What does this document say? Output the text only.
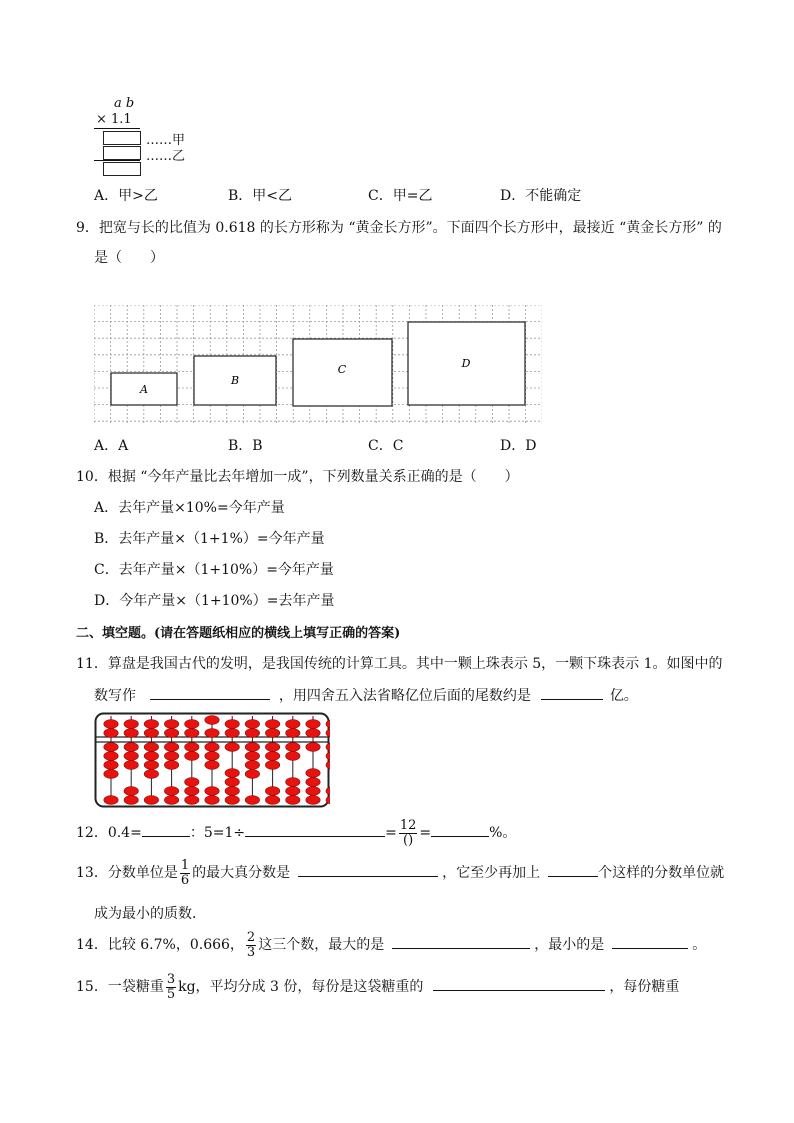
a b
× 1.1
……甲
……乙
A．甲>乙	B．甲<乙	C．甲=乙	D．不能确定
9．把宽与长的比值为 0.618 的长方形称为 “黄金长方形”。下面四个长方形中，最接近 “黄金长方形” 的
是（　　）
A
B
C	D
A．A	B．B	C．C	D．D
10．根据 “今年产量比去年增加一成”，下列数量关系正确的是（　　）
A．去年产量×10%=今年产量
B．去年产量×（1+1%）=今年产量
C．去年产量×（1+10%）=今年产量
D．今年产量×（1+10%）=去年产量
二、填空题。(请在答题纸相应的横线上填写正确的答案)
11．算盘是我国古代的发明，是我国传统的计算工具。其中一颗上珠表示 5，一颗下珠表示 1。如图中的
数写作	，用四舍五入法省略亿位后面的尾数约是	亿。
12．0.4=	：5=1÷	= $\frac{12}{()}$ =	%。
13．分数单位是 $\frac{1}{6}$ 的最大真分数是	，它至少再加上	个这样的分数单位就
成为最小的质数．
14．比较 6.7%，0.666， $\frac{2}{3}$ 这三个数，最大的是	，最小的是	。
15．一袋糖重 $\frac{3}{5}$ kg，平均分成 3 份，每份是这袋糖重的	，每份糖重
